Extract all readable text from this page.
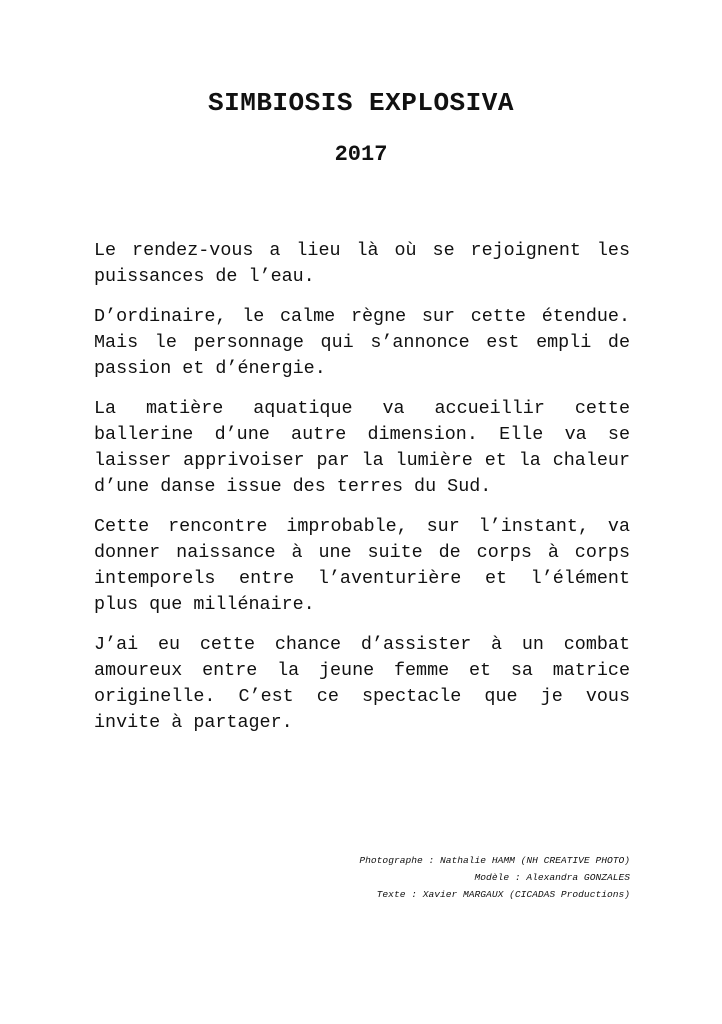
SIMBIOSIS EXPLOSIVA
2017

Le rendez-vous a lieu là où se rejoignent les puissances de l’eau.

D’ordinaire, le calme règne sur cette étendue. Mais le personnage qui s’annonce est empli de passion et d’énergie.

La matière aquatique va accueillir cette ballerine d’une autre dimension. Elle va se laisser apprivoiser par la lumière et la chaleur d’une danse issue des terres du Sud.

Cette rencontre improbable, sur l’instant, va donner naissance à une suite de corps à corps intemporels entre l’aventurière et l’élément plus que millénaire.

J’ai eu cette chance d’assister à un combat amoureux entre la jeune femme et sa matrice originelle. C’est ce spectacle que je vous invite à partager.

Photographe : Nathalie HAMM (NH CREATIVE PHOTO)
Modèle : Alexandra GONZALES
Texte : Xavier MARGAUX (CICADAS Productions)
